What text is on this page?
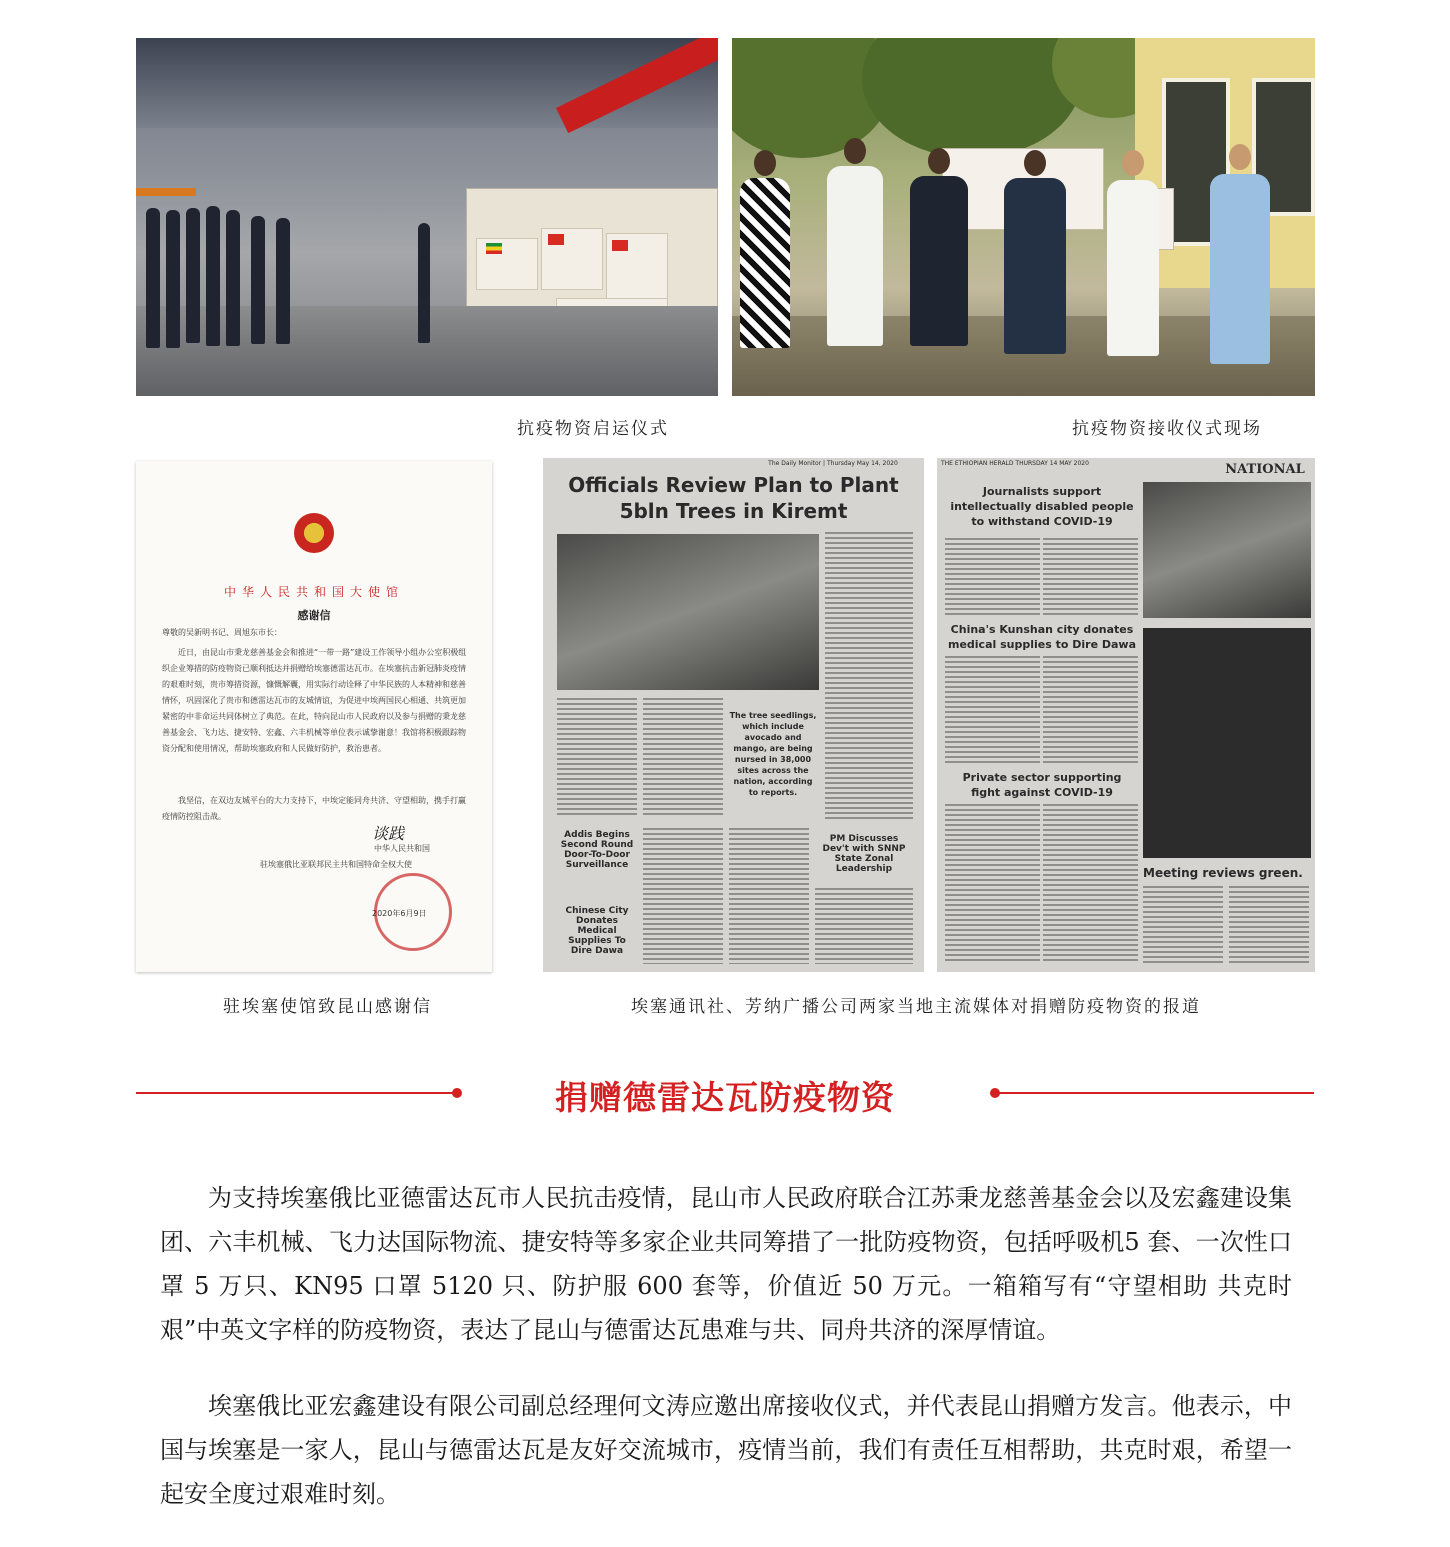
抗疫物资启运仪式	抗疫物资接收仪式现场
中华人民共和国大使馆
感谢信
尊敬的吴新明书记、周旭东市长：
近日，由昆山市秉龙慈善基金会和推进“一带一路”建设工作领导小组办公室积极组织企业筹措的防疫物资已顺利抵达并捐赠给埃塞德雷达瓦市。在埃塞抗击新冠肺炎疫情的艰难时刻，贵市筹措资源，慷慨解囊，用实际行动诠释了中华民族的人本精神和慈善情怀，巩固深化了贵市和德雷达瓦市的友城情谊，为促进中埃两国民心相通、共筑更加紧密的中非命运共同体树立了典范。在此，特向昆山市人民政府以及参与捐赠的秉龙慈善基金会、飞力达、捷安特、宏鑫、六丰机械等单位表示诚挚谢意！我馆将积极跟踪物资分配和使用情况，帮助埃塞政府和人民做好防护，救治患者。
我坚信，在双边友城平台的大力支持下，中埃定能同舟共济、守望相助，携手打赢疫情防控阻击战。
谈践
中华人民共和国
驻埃塞俄比亚联邦民主共和国特命全权大使
2020年6月9日
驻埃塞使馆致昆山感谢信
The Daily Monitor | Thursday May 14, 2020
Officials Review Plan to Plant 5bln Trees in Kiremt
The tree seedlings, which include avocado and mango, are being nursed in 38,000 sites across the nation, according to reports.
Addis Begins Second Round Door-To-Door Surveillance
Chinese City Donates Medical Supplies To Dire Dawa
PM Discusses Dev't with SNNP State Zonal Leadership
THE ETHIOPIAN HERALD THURSDAY 14 MAY 2020	NATIONAL
Journalists support intellectually disabled people to withstand COVID-19
China's Kunshan city donates medical supplies to Dire Dawa
Private sector supporting fight against COVID-19
Meeting reviews green.
埃塞通讯社、芳纳广播公司两家当地主流媒体对捐赠防疫物资的报道
捐赠德雷达瓦防疫物资
为支持埃塞俄比亚德雷达瓦市人民抗击疫情，昆山市人民政府联合江苏秉龙慈善基金会以及宏鑫建设集团、六丰机械、飞力达国际物流、捷安特等多家企业共同筹措了一批防疫物资，包括呼吸机5 套、一次性口罩 5 万只、KN95 口罩 5120 只、防护服 600 套等，价值近 50 万元。一箱箱写有“守望相助 共克时艰”中英文字样的防疫物资，表达了昆山与德雷达瓦患难与共、同舟共济的深厚情谊。
埃塞俄比亚宏鑫建设有限公司副总经理何文涛应邀出席接收仪式，并代表昆山捐赠方发言。他表示，中国与埃塞是一家人，昆山与德雷达瓦是友好交流城市，疫情当前，我们有责任互相帮助，共克时艰，希望一起安全度过艰难时刻。
